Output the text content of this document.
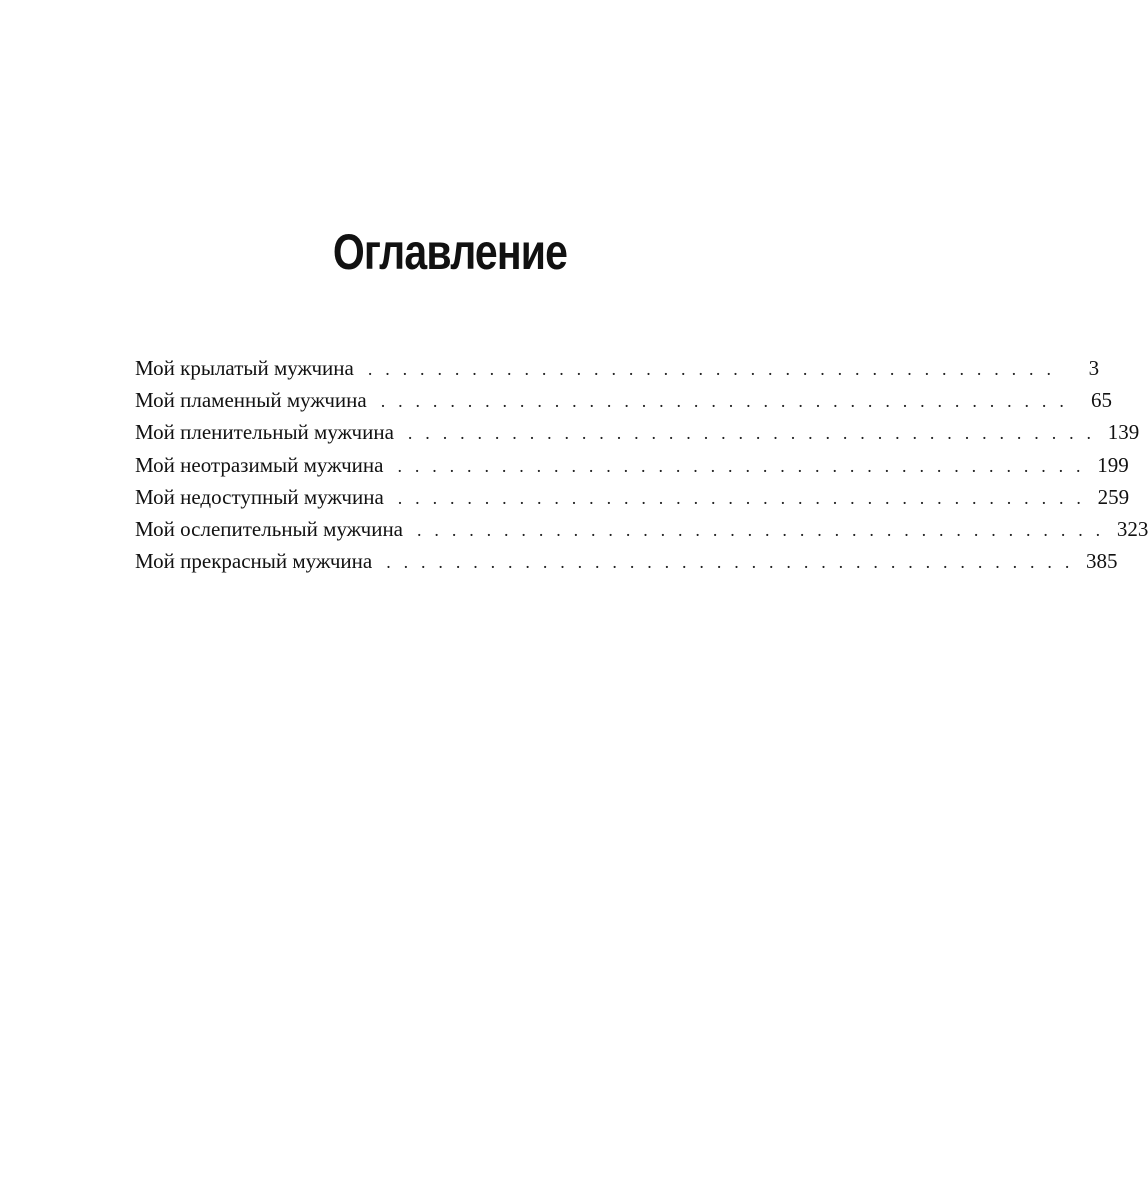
Оглавление
Мой крылатый мужчина . . . . . . . . . . . . . . . . . . . . . . . . . . . . . . . . . . . . . . . .	3
Мой пламенный мужчина . . . . . . . . . . . . . . . . . . . . . . . . . . . . . . . . . . . . . . . .	65
Мой пленительный мужчина . . . . . . . . . . . . . . . . . . . . . . . . . . . . . . . . . . . . . . . . 139
Мой неотразимый мужчина . . . . . . . . . . . . . . . . . . . . . . . . . . . . . . . . . . . . . . . . 199
Мой недоступный мужчина . . . . . . . . . . . . . . . . . . . . . . . . . . . . . . . . . . . . . . . . 259
Мой ослепительный мужчина . . . . . . . . . . . . . . . . . . . . . . . . . . . . . . . . . . . . . . . . 323
Мой прекрасный мужчина . . . . . . . . . . . . . . . . . . . . . . . . . . . . . . . . . . . . . . . . 385
